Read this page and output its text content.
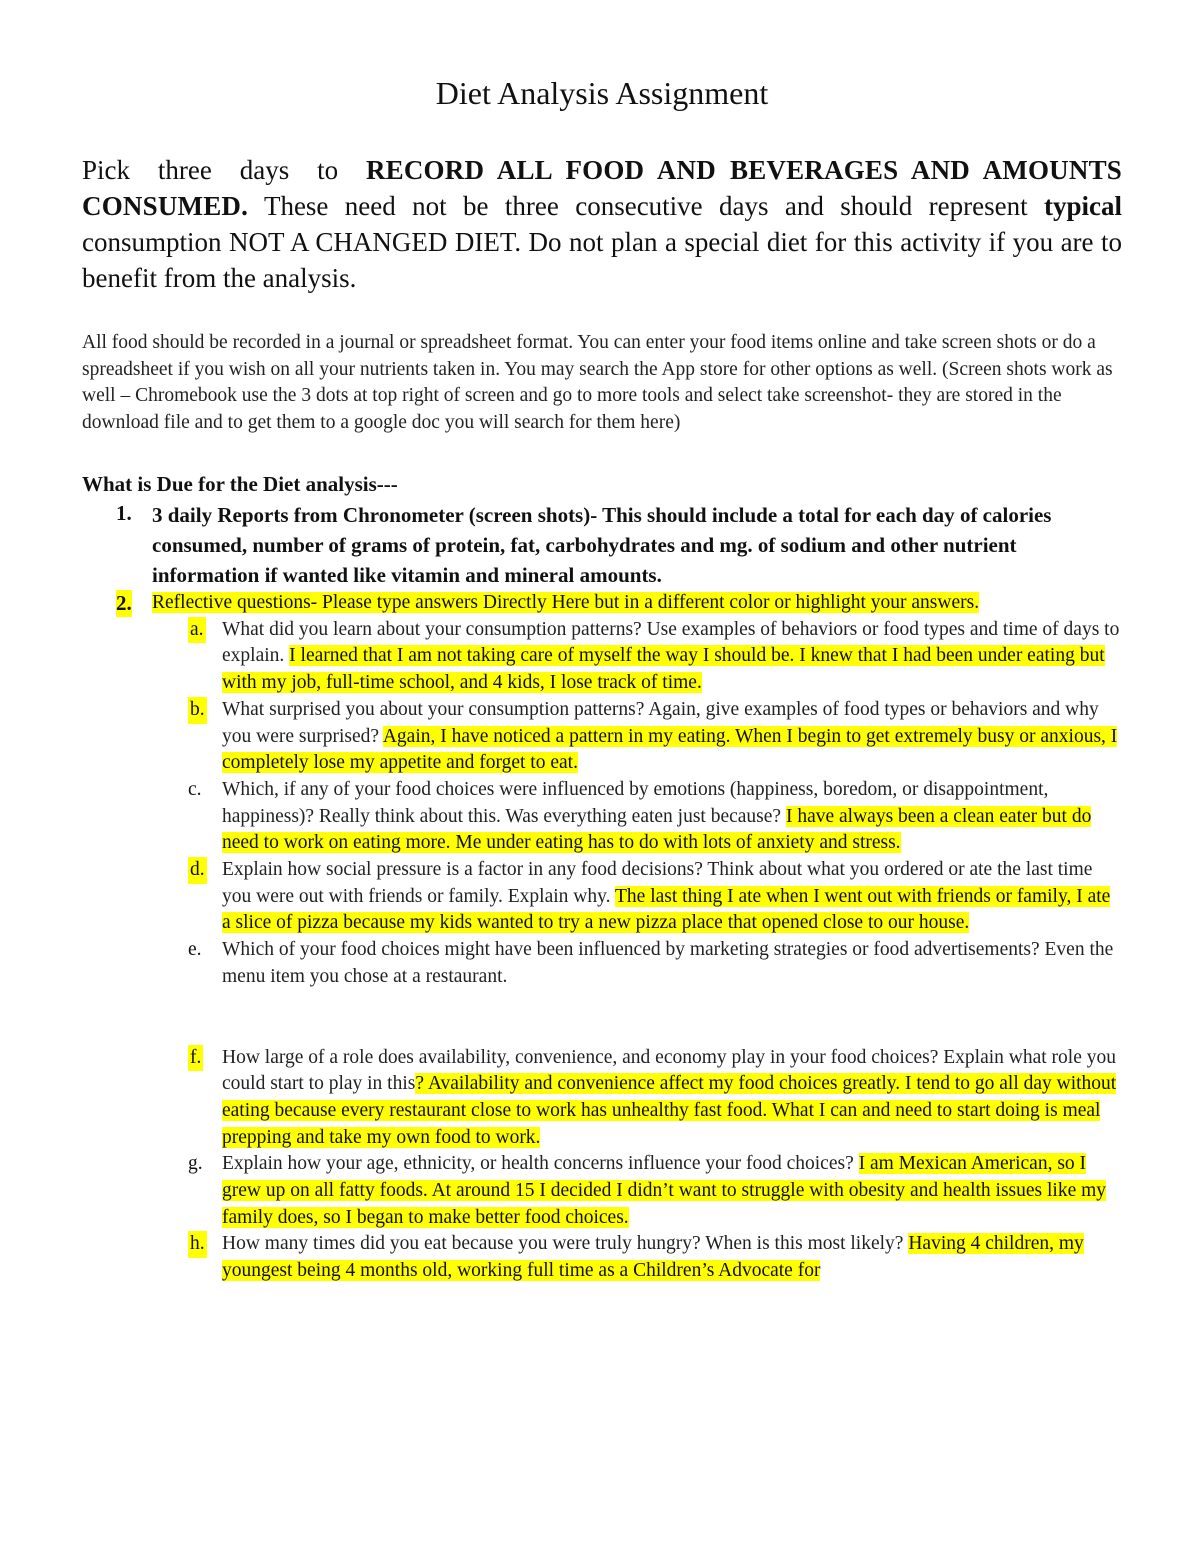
Diet Analysis Assignment

Pick three days to RECORD ALL FOOD AND BEVERAGES AND AMOUNTS CONSUMED. These need not be three consecutive days and should represent typical consumption NOT A CHANGED DIET. Do not plan a special diet for this activity if you are to benefit from the analysis.

All food should be recorded in a journal or spreadsheet format. You can enter your food items online and take screen shots or do a spreadsheet if you wish on all your nutrients taken in. You may search the App store for other options as well. (Screen shots work as well – Chromebook use the 3 dots at top right of screen and go to more tools and select take screenshot- they are stored in the download file and to get them to a google doc you will search for them here)

What is Due for the Diet analysis---

1. 3 daily Reports from Chronometer (screen shots)- This should include a total for each day of calories consumed, number of grams of protein, fat, carbohydrates and mg. of sodium and other nutrient information if wanted like vitamin and mineral amounts.
2. Reflective questions- Please type answers Directly Here but in a different color or highlight your answers.
a. What did you learn about your consumption patterns? Use examples of behaviors or food types and time of days to explain. I learned that I am not taking care of myself the way I should be. I knew that I had been under eating but with my job, full-time school, and 4 kids, I lose track of time.
b. What surprised you about your consumption patterns? Again, give examples of food types or behaviors and why you were surprised? Again, I have noticed a pattern in my eating. When I begin to get extremely busy or anxious, I completely lose my appetite and forget to eat.
c. Which, if any of your food choices were influenced by emotions (happiness, boredom, or disappointment, happiness)? Really think about this. Was everything eaten just because? I have always been a clean eater but do need to work on eating more. Me under eating has to do with lots of anxiety and stress.
d. Explain how social pressure is a factor in any food decisions? Think about what you ordered or ate the last time you were out with friends or family. Explain why. The last thing I ate when I went out with friends or family, I ate a slice of pizza because my kids wanted to try a new pizza place that opened close to our house.
e. Which of your food choices might have been influenced by marketing strategies or food advertisements? Even the menu item you chose at a restaurant.
f. How large of a role does availability, convenience, and economy play in your food choices? Explain what role you could start to play in this? Availability and convenience affect my food choices greatly. I tend to go all day without eating because every restaurant close to work has unhealthy fast food. What I can and need to start doing is meal prepping and take my own food to work.
g. Explain how your age, ethnicity, or health concerns influence your food choices? I am Mexican American, so I grew up on all fatty foods. At around 15 I decided I didn’t want to struggle with obesity and health issues like my family does, so I began to make better food choices.
h. How many times did you eat because you were truly hungry? When is this most likely? Having 4 children, my youngest being 4 months old, working full time as a Children’s Advocate for
